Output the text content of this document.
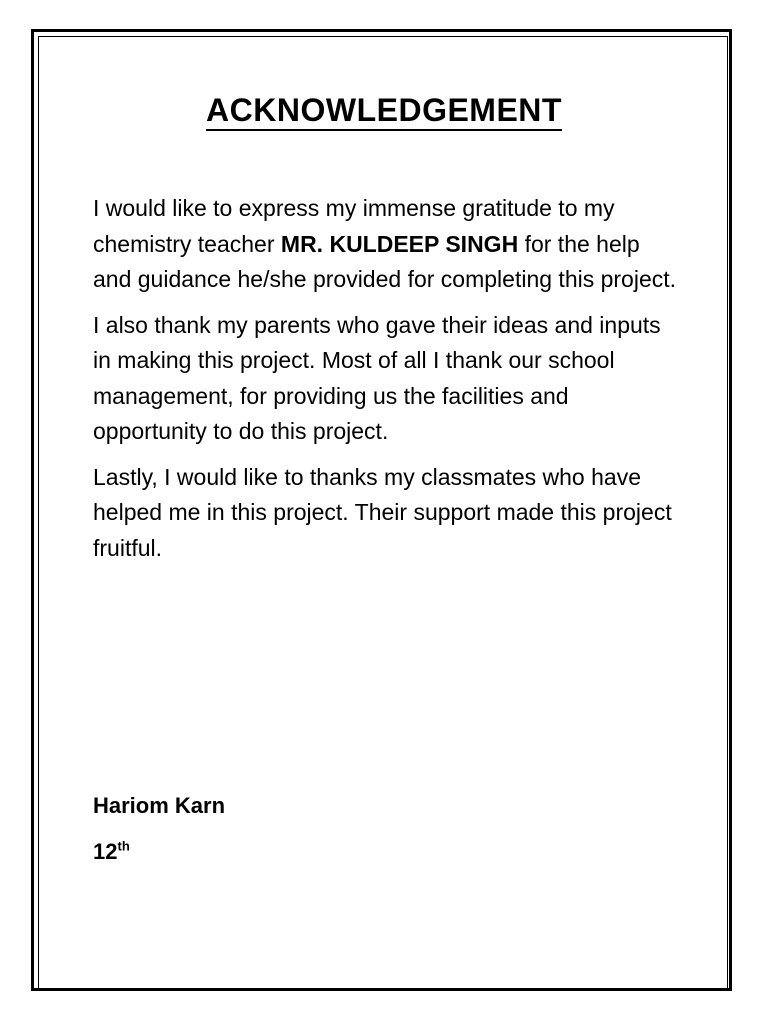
ACKNOWLEDGEMENT

I would like to express my immense gratitude to my chemistry teacher MR. KULDEEP SINGH for the help and guidance he/she provided for completing this project.

I also thank my parents who gave their ideas and inputs in making this project. Most of all I thank our school management, for providing us the facilities and opportunity to do this project.

Lastly, I would like to thanks my classmates who have helped me in this project. Their support made this project fruitful.

Hariom Karn
12th
